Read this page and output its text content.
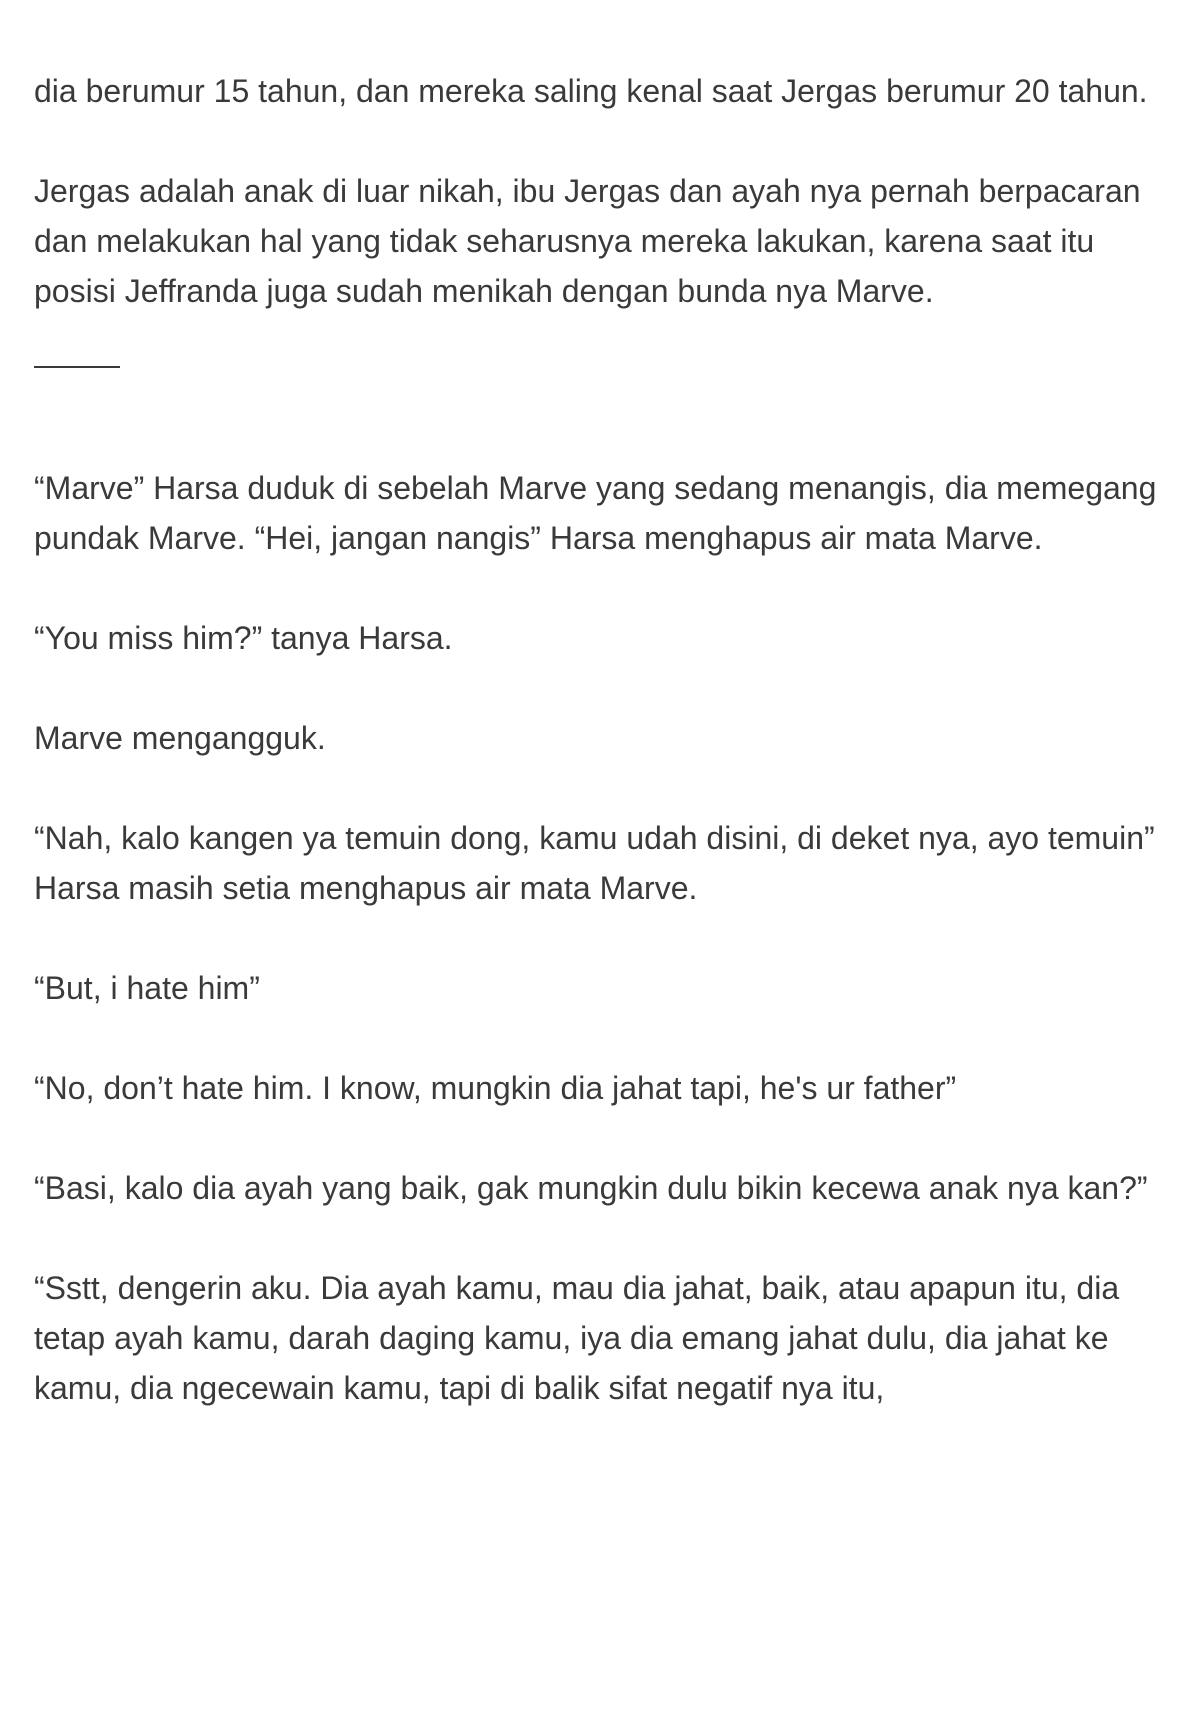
dia berumur 15 tahun, dan mereka saling kenal saat Jergas berumur 20 tahun.

Jergas adalah anak di luar nikah, ibu Jergas dan ayah nya pernah berpacaran dan melakukan hal yang tidak seharusnya mereka lakukan, karena saat itu posisi Jeffranda juga sudah menikah dengan bunda nya Marve.

“Marve” Harsa duduk di sebelah Marve yang sedang menangis, dia memegang pundak Marve. “Hei, jangan nangis” Harsa menghapus air mata Marve.

“You miss him?” tanya Harsa.

Marve mengangguk.

“Nah, kalo kangen ya temuin dong, kamu udah disini, di deket nya, ayo temuin” Harsa masih setia menghapus air mata Marve.

“But, i hate him”

“No, don’t hate him. I know, mungkin dia jahat tapi, he's ur father”

“Basi, kalo dia ayah yang baik, gak mungkin dulu bikin kecewa anak nya kan?”

“Sstt, dengerin aku. Dia ayah kamu, mau dia jahat, baik, atau apapun itu, dia tetap ayah kamu, darah daging kamu, iya dia emang jahat dulu, dia jahat ke kamu, dia ngecewain kamu, tapi di balik sifat negatif nya itu,
